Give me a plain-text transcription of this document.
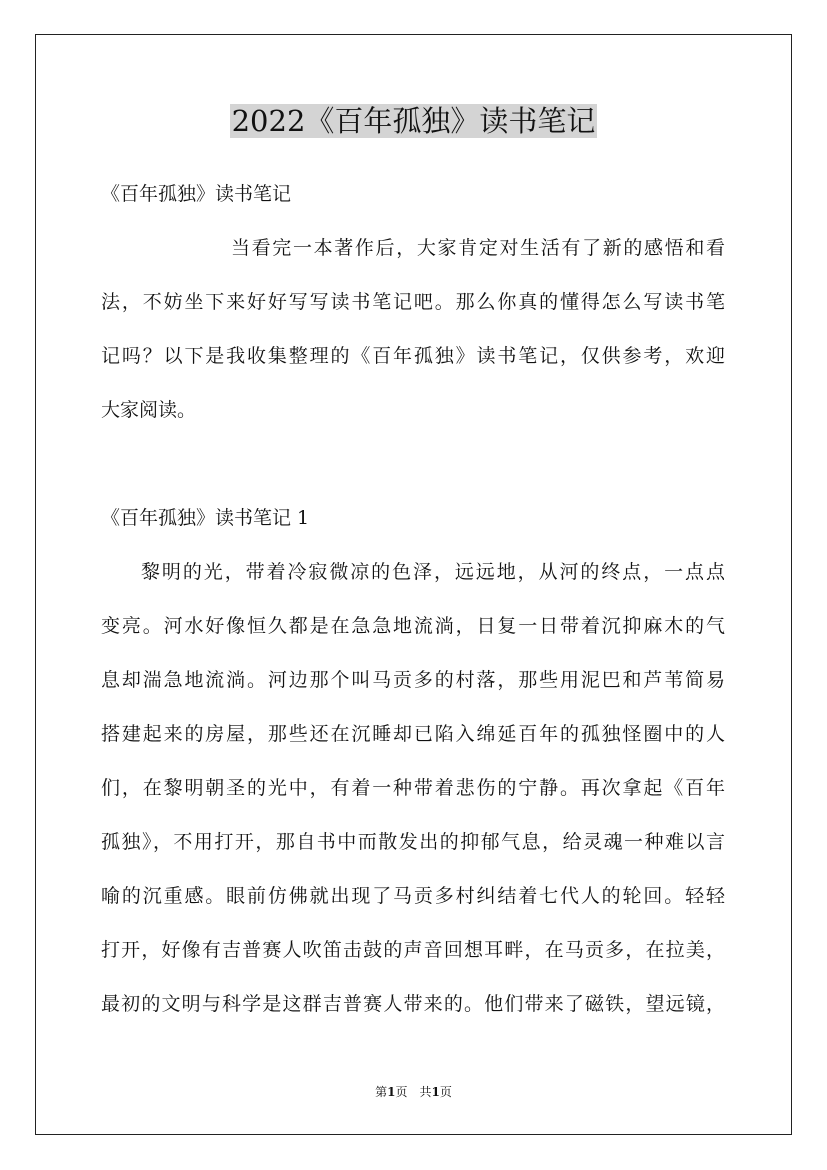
2022《百年孤独》读书笔记

《百年孤独》读书笔记

当看完一本著作后，大家肯定对生活有了新的感悟和看

法，不妨坐下来好好写写读书笔记吧。那么你真的懂得怎么写读书笔

记吗？以下是我收集整理的《百年孤独》读书笔记，仅供参考，欢迎

大家阅读。

《百年孤独》读书笔记 1

黎明的光，带着冷寂微凉的色泽，远远地，从河的终点，一点点

变亮。河水好像恒久都是在急急地流淌，日复一日带着沉抑麻木的气

息却湍急地流淌。河边那个叫马贡多的村落，那些用泥巴和芦苇简易

搭建起来的房屋，那些还在沉睡却已陷入绵延百年的孤独怪圈中的人

们，在黎明朝圣的光中，有着一种带着悲伤的宁静。再次拿起《百年

孤独》，不用打开，那自书中而散发出的抑郁气息，给灵魂一种难以言

喻的沉重感。眼前仿佛就出现了马贡多村纠结着七代人的轮回。轻轻

打开，好像有吉普赛人吹笛击鼓的声音回想耳畔，在马贡多，在拉美，

最初的文明与科学是这群吉普赛人带来的。他们带来了磁铁，望远镜，

第1页　共1页
